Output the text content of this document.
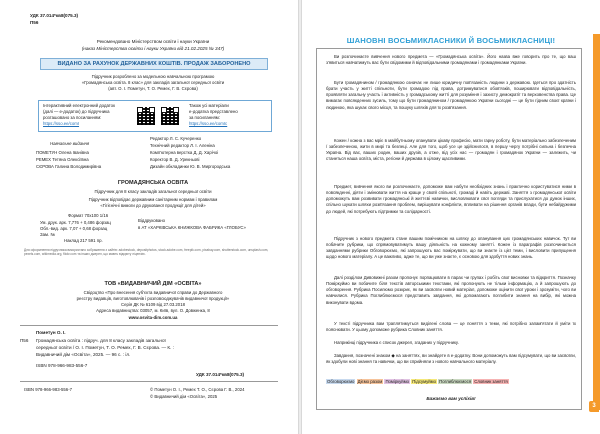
УДК 37.014*кв8(075.3)
П56
Рекомендовано Міністерством освіти і науки України
(наказ Міністерства освіти і науки України від 21.02.2025 № 347)
ВИДАНО ЗА РАХУНОК ДЕРЖАВНИХ КОШТІВ. ПРОДАЖ ЗАБОРОНЕНО
Підручник розроблено за модельною навчальною програмою
«Громадянська освіта. 8 клас» для закладів загальної середньої освіти
(авт. О. І. Пометун, Т. О. Ремех, Г. В. Сєрова)
Інтерактивний електронний додаток
(далі — е-додаток) до підручника
розташовано за посиланням:
https://sso.ee/comI
Також усі матеріали
е-додатка представлено
за посиланням:
https://sso.ee/comIc
Навчальне видання
ПОМЕТУН Олена Іванівна
РЕМЕХ Тетяна Олексіївна
СЄРОВА Галина Володимирівна
Редактор Л. С. Кучеренко
Технічний редактор Л. І. Аленіна
Комп'ютерна верстка Д. Д. Харічоі
Коректор В. Д. Урекньові
Дизайн обкладинки Ю. В. Миргородська
ГРОМАДЯНСЬКА ОСВІТА
Підручник для 8 класу закладів загальної середньої освіти
Підручник відповідає державним санітарним нормам і правилам
«Гігієнічні вимоги до друкованої продукції для дітей»
Формат 70x100 1/16
Ум. друк. арк. 7,776 + 0,486 форзац
Обл.-вид. арк. 7,07 + 0,68 форзац
Зам. №
Наклад 217 591 пр.
Віддруковано
в АТ «ХАРКІВСЬКА КНИЖКОВА ФАБРИКА «ГЛОБУС»
Для оформлення підручника використано зображення з сайтів: adobestock, depositphotos, stock.adobe.com, freepik.com, pixabay.com, shutterstock.com, unsplash.com, pexels.com, wikimedia.org, flickr.com та інших джерел, що мають відкриту ліцензію.
ТОВ «ВИДАВНИЧИЙ ДІМ «ОСВІТА»
Свідоцтво «Про внесення суб'єкта видавничої справи до Державного
реєстру видавців, виготовлювачів і розповсюджувачів видавничої продукції»
Серія ДК № 6109 від 27.03.2018
Адреса видавництва: 03057, м. Київ, вул. О. Довженка, 8
www.osvita-dim.com.ua
Пометун О. І.
П56 Громадянська освіта : підруч. для 8 класу закладів загальної
середньої освіти / О. І. Пометун, Т. О. Ремех, Г. В. Сєрова. — К. :
Видавничий дім «Освіта», 2025. — 96 с. : іл.
ISBN 978-966-983-556-7
УДК 37.014*кв8(075.3)
ISBN 978-966-983-556-7	© Пометун О. І., Ремех Т. О., Сєрова Г. В., 2024
© Видавничий дім «Освіта», 2025
ШАНОВНІ ВОСЬМИКЛАСНИКИ Й ВОСЬМИКЛАСНИЦІ!
Ви розпочинаєте вивчення нового предмета — «Громадянська освіта». Його назва вже говорить про те, що ваш з'явиться навчатимуть вас бути свідомими й відповідальними громадянами і громадянками України.
Бути громадянином / громадянкою означає не лише юридичну пов'язаність людини з державою. Ідеться про здатність брати участь у житті спільноти, бути громадою під права, дотримуватися обов'язків, поширювати відповідальність, проявляти загальну участь і активність у громадському житті для розуміння і захисту демократії та верховенства права. Це вимагає повсякденних зусиль, тому що бути громадянином / громадянкою України сьогодні — це бути гідним своєї країни і людиною, яка шукає свого місця, та пошуку шляхів для їх розв'язання.
Кожен / кожна з вас мріє в майбутньому опанувати цікаву професію, мати гарну роботу, бути матеріально забезпеченим / забезпеченою, жити в мирі та безпеці. Але для того, щоб усе це здійснилося, в першу чергу потрібні сильна і безпечна Україна. Від вас, ваших родин, ваших друзів, а отже, від усіх нас — громадян і громадянок України — залежить, чи станеться наша освіта, міста, регіони й держава в цілому щасливими.
Предмет, вивчення якого ви розпочинаєте, допоможе вам набути необхідних знань і практично користуватися ними в повсякденні, діяти і змінювати життя на краще у своїй спільноті, громаді й навіть державі. Заняття з громадянської освіти допоможуть вам розвивати громадянські й життєві навички, висловлювати свої погляди та прислухатися до думок інших, спільно шукати шляхи розв'язання проблем, вирішувати конфлікти, впливати на рішення органів влади, бути небайдужими до людей, які потребують підтримки та солідарності.
Підручник з нового предмета стане вашим помічником на шляху до опанування цих громадянських навичок. Тут ви побачите рубрики, що спрямовуватимуть вашу діяльність на кожному занятті. Кожен із параграфів розпочинається завданнями рубрики Обговорюємо, які запрошують вас поміркувати, що ви знаєте із цієї теми, і висловити припущення щодо нового матеріалу. А це важливо, адже те, що ви уже знаєте, є основою для здобуття нових знань.
Далі розділом Дивовижні разом пропонує порпацювати в парах чи групах і робіть свої висновки та відкриття. Позначку Поміркуймо ви побачите біля текстів авторськими текстами, які пропонують не тільки інформацію, а й запрошують до обговорення. Рубрика Посилюмо розкриє, як ви засвоїли новий матеріал, допоможе оцінити свої уроки і зрозуміти, чого ви навчилися. Рубрика Поглиблюємося представить завдання, які допомагають поглибити знання на вибір, які можна виконувати вдома.
У тексті підручника вам траплятимуться виділені слова — це поняття з теми, які потрібно запам'ятати й уміти їх пояснювати. У цьому допоможе рубрика Словник заняття.
Наприкінці підручника є список джерел, згаданих у підручнику.
Завдання, позначені знаком ◆ на заняттях, ви знайдете в е-додатку. Вони допоможуть вам підсумувати, що ви засвоїли, як здобули нові знання та навички, що ви сприйняли з нового навчального матеріалу.
Обговорюємо Діємо разом Поміркуймо Підсумуймо Поглиблюємося Словник заняття
Бажаємо вам успіхів!
3
